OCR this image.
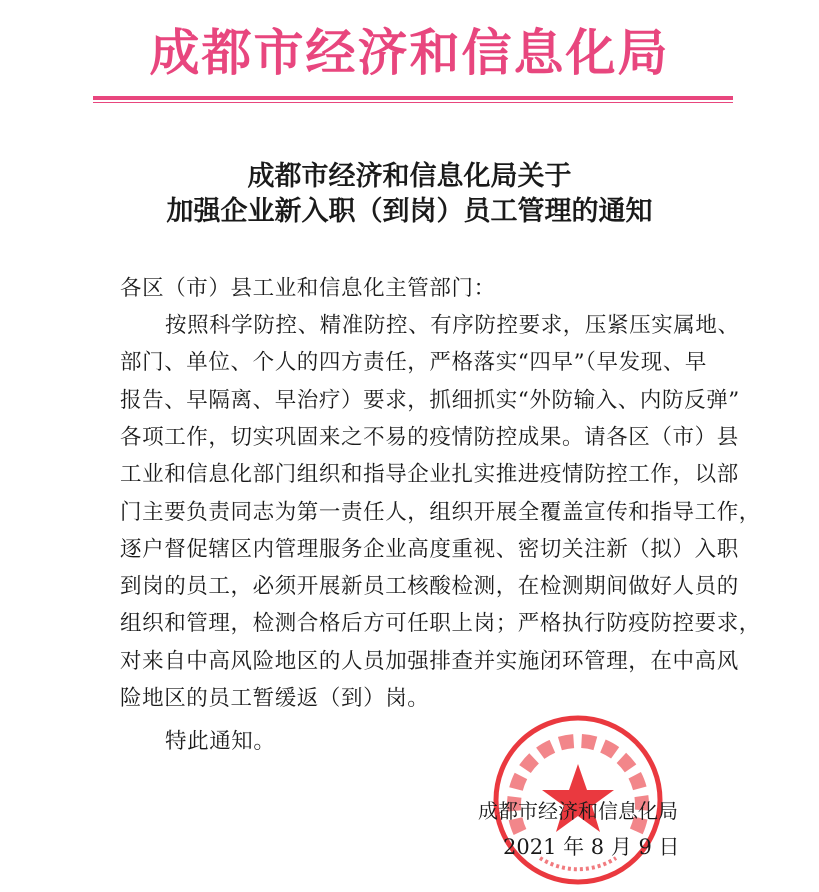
成都市经济和信息化局
成都市经济和信息化局关于
加强企业新入职（到岗）员工管理的通知
各区（市）县工业和信息化主管部门：
按照科学防控、精准防控、有序防控要求，压紧压实属地、
部门、单位、个人的四方责任，严格落实“四早”（早发现、早
报告、早隔离、早治疗）要求，抓细抓实“外防输入、内防反弹”
各项工作，切实巩固来之不易的疫情防控成果。请各区（市）县
工业和信息化部门组织和指导企业扎实推进疫情防控工作，以部
门主要负责同志为第一责任人，组织开展全覆盖宣传和指导工作，
逐户督促辖区内管理服务企业高度重视、密切关注新（拟）入职
到岗的员工，必须开展新员工核酸检测，在检测期间做好人员的
组织和管理，检测合格后方可任职上岗；严格执行防疫防控要求，
对来自中高风险地区的人员加强排查并实施闭环管理，在中高风
险地区的员工暂缓返（到）岗。
特此通知。
成都市经济和信息化局
2021 年 8 月 9 日
